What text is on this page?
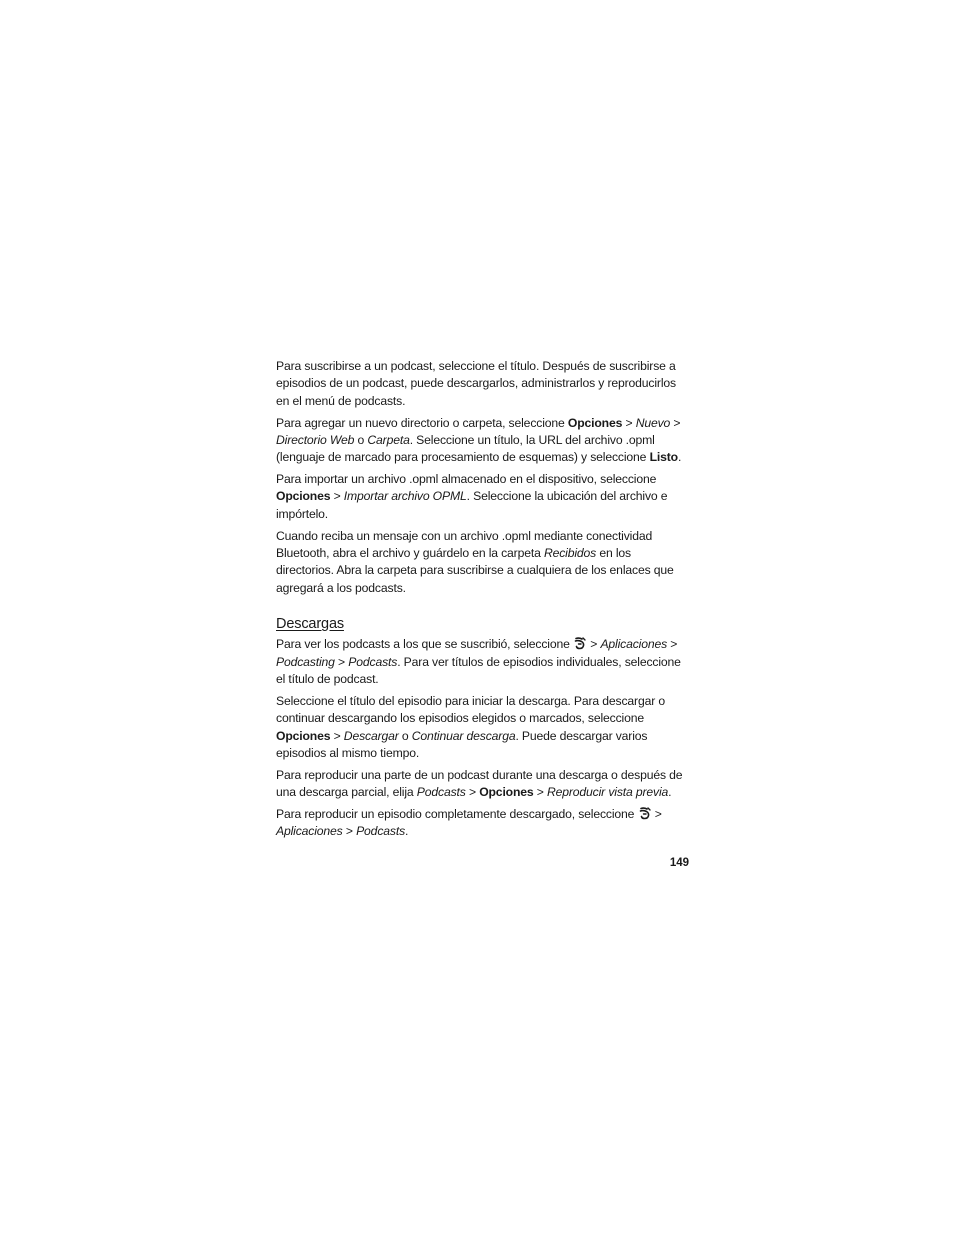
Para suscribirse a un podcast, seleccione el título. Después de suscribirse a episodios de un podcast, puede descargarlos, administrarlos y reproducirlos en el menú de podcasts.

Para agregar un nuevo directorio o carpeta, seleccione Opciones > Nuevo > Directorio Web o Carpeta. Seleccione un título, la URL del archivo .opml (lenguaje de marcado para procesamiento de esquemas) y seleccione Listo.

Para importar un archivo .opml almacenado en el dispositivo, seleccione Opciones > Importar archivo OPML. Seleccione la ubicación del archivo e impórtelo.

Cuando reciba un mensaje con un archivo .opml mediante conectividad Bluetooth, abra el archivo y guárdelo en la carpeta Recibidos en los directorios. Abra la carpeta para suscribirse a cualquiera de los enlaces que agregará a los podcasts.

Descargas

Para ver los podcasts a los que se suscribió, seleccione  > Aplicaciones > Podcasting > Podcasts. Para ver títulos de episodios individuales, seleccione el título de podcast.

Seleccione el título del episodio para iniciar la descarga. Para descargar o continuar descargando los episodios elegidos o marcados, seleccione Opciones > Descargar o Continuar descarga. Puede descargar varios episodios al mismo tiempo.

Para reproducir una parte de un podcast durante una descarga o después de una descarga parcial, elija Podcasts > Opciones > Reproducir vista previa.

Para reproducir un episodio completamente descargado, seleccione  > Aplicaciones > Podcasts.

149
